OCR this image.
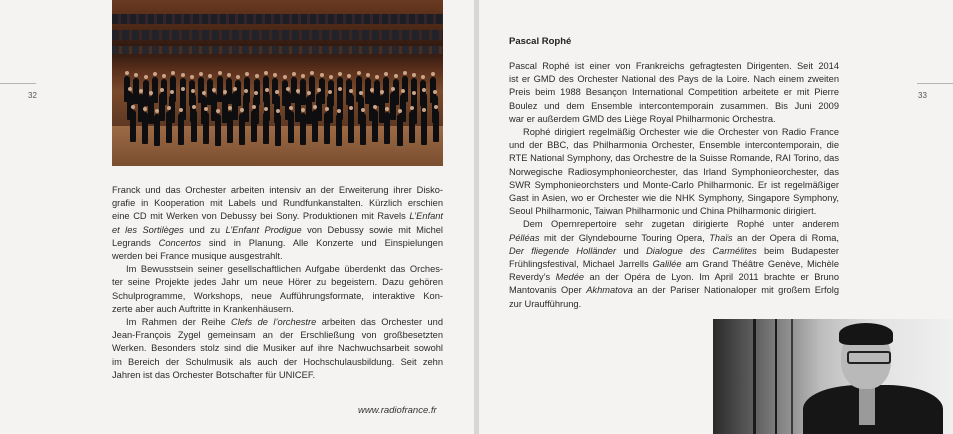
32	33

Franck und das Orchester arbeiten intensiv an der Erweiterung ihrer Disko-
grafie in Kooperation mit Labels und Rundfunkanstalten. Kürzlich erschien
eine CD mit Werken von Debussy bei Sony. Produktionen mit Ravels L’Enfant
et les Sortilèges und zu L’Enfant Prodigue von Debussy sowie mit Michel
Legrands Concertos sind in Planung. Alle Konzerte und Einspielungen
werden bei France musique ausgestrahlt.

Im Bewusstsein seiner gesellschaftlichen Aufgabe überdenkt das Orches-
ter seine Projekte jedes Jahr um neue Hörer zu begeistern. Dazu gehören
Schulprogramme, Workshops, neue Aufführungsformate, interaktive Kon-
zerte aber auch Auftritte in Krankenhäusern.

Im Rahmen der Reihe Clefs de l’orchestre arbeiten das Orchester und
Jean-François Zygel gemeinsam an der Erschließung von großbesetzten
Werken. Besonders stolz sind die Musiker auf ihre Nachwuchsarbeit sowohl
im Bereich der Schulmusik als auch der Hochschulausbildung. Seit zehn
Jahren ist das Orchester Botschafter für UNICEF.

www.radiofrance.fr
Pascal Rophé

Pascal Rophé ist einer von Frankreichs gefragtesten Dirigenten. Seit 2014
ist er GMD des Orchester National des Pays de la Loire. Nach einem zweiten
Preis beim 1988 Besançon International Competition arbeitete er mit Pierre
Boulez und dem Ensemble intercontemporain zusammen. Bis Juni 2009
war er außerdem GMD des Liège Royal Philharmonic Orchestra.

Rophé dirigiert regelmäßig Orchester wie die Orchester von Radio France
und der BBC, das Philharmonia Orchester, Ensemble intercontemporain, die
RTE National Symphony, das Orchestre de la Suisse Romande, RAI Torino, das
Norwegische Radiosymphonieorchester, das Irland Symphonieorchester, das
SWR Symphonieorchsters und Monte-Carlo Philharmonic. Er ist regelmäßiger
Gast in Asien, wo er Orchester wie die NHK Symphony, Singapore Symphony,
Seoul Philharmonic, Taiwan Philharmonic und China Philharmonic dirigiert.

Dem Opernrepertoire sehr zugetan dirigierte Rophé unter anderem
Pélléas mit der Glyndebourne Touring Opera, Thaïs an der Opera di Roma,
Der fliegende Holländer und Dialogue des Carmélites beim Budapester
Frühlingsfestival, Michael Jarrells Galilée am Grand Théâtre Genève, Michèle
Reverdy’s Medée an der Opéra de Lyon. Im April 2011 brachte er Bruno
Mantovanis Oper Akhmatova an der Pariser Nationaloper mit großem Erfolg
zur Uraufführung.
